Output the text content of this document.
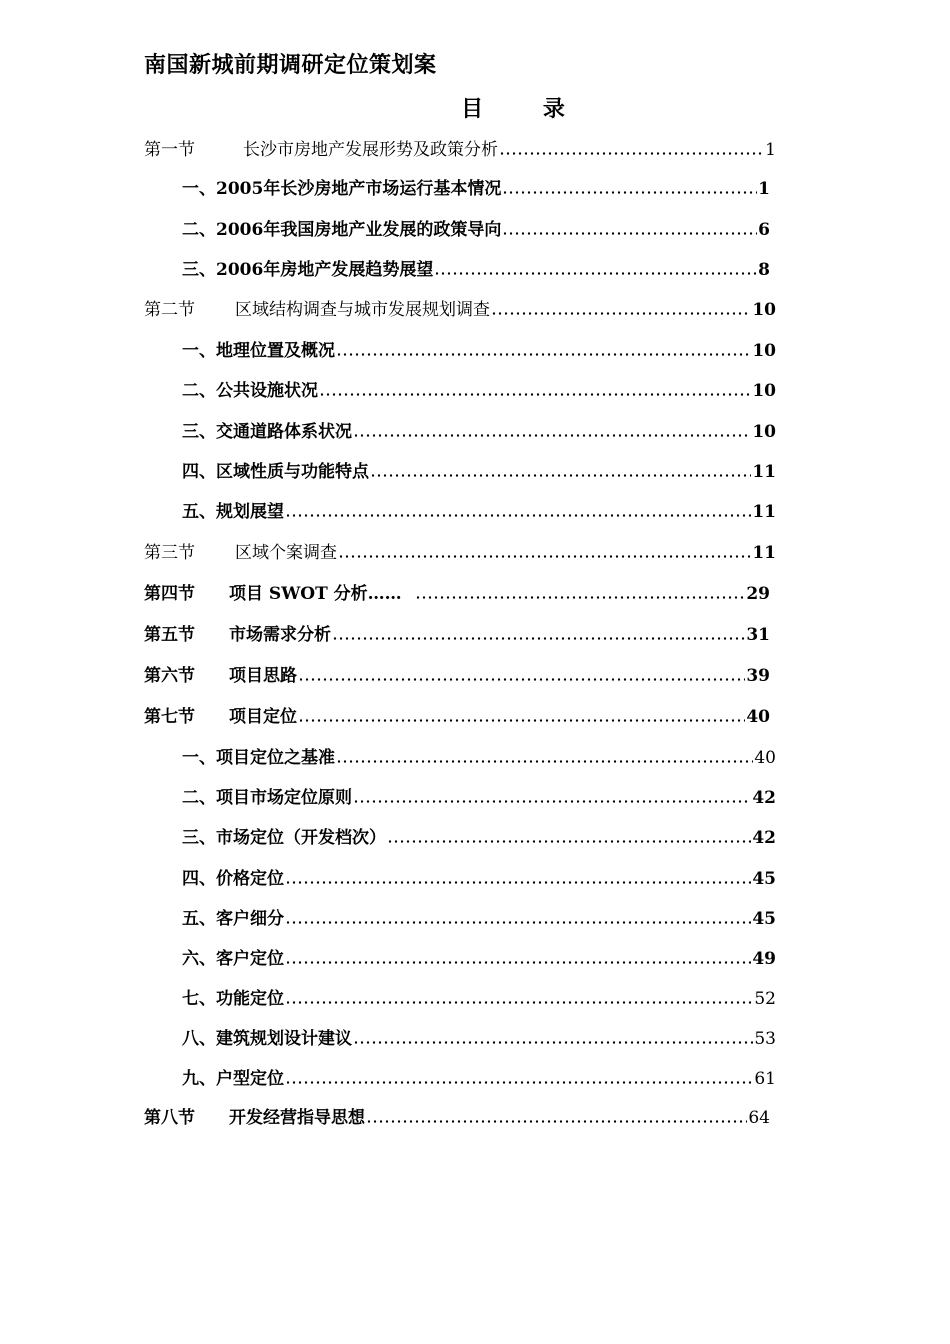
南国新城前期调研定位策划案
目 录
第一节	长沙市房地产发展形势及政策分析	1
一、2005年长沙房地产市场运行基本情况	1
二、2006年我国房地产业发展的政策导向	6
三、2006年房地产发展趋势展望	8
第二节 区域结构调查与城市发展规划调查	10
一、地理位置及概况	10
二、公共设施状况	10
三、交通道路体系状况	10
四、区域性质与功能特点	11
五、规划展望	11
第三节 区域个案调查	11
第四节 项目 SWOT 分析……	29
第五节 市场需求分析	31
第六节 项目思路	39
第七节 项目定位	40
一、项目定位之基准	40
二、项目市场定位原则	42
三、市场定位（开发档次）	42
四、价格定位	45
五、客户细分	45
六、客户定位	49
七、功能定位	52
八、建筑规划设计建议	53
九、户型定位	61
第八节 开发经营指导思想	64
